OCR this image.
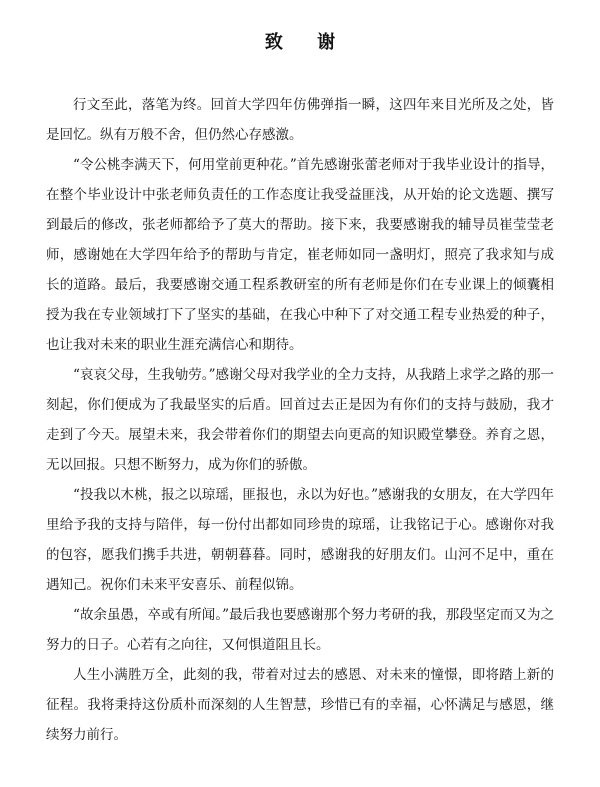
致 谢

行文至此，落笔为终。回首大学四年仿佛弹指一瞬，这四年来目光所及之处，皆是回忆。纵有万般不舍，但仍然心存感激。

“令公桃李满天下，何用堂前更种花。”首先感谢张蕾老师对于我毕业设计的指导，在整个毕业设计中张老师负责任的工作态度让我受益匪浅，从开始的论文选题、撰写到最后的修改，张老师都给予了莫大的帮助。接下来，我要感谢我的辅导员崔莹莹老师，感谢她在大学四年给予的帮助与肯定，崔老师如同一盏明灯，照亮了我求知与成长的道路。最后，我要感谢交通工程系教研室的所有老师是你们在专业课上的倾囊相授为我在专业领域打下了坚实的基础，在我心中种下了对交通工程专业热爱的种子，也让我对未来的职业生涯充满信心和期待。

“哀哀父母，生我劬劳。”感谢父母对我学业的全力支持，从我踏上求学之路的那一刻起，你们便成为了我最坚实的后盾。回首过去正是因为有你们的支持与鼓励，我才走到了今天。展望未来，我会带着你们的期望去向更高的知识殿堂攀登。养育之恩，无以回报。只想不断努力，成为你们的骄傲。

“投我以木桃，报之以琼瑶，匪报也，永以为好也。”感谢我的女朋友，在大学四年里给予我的支持与陪伴，每一份付出都如同珍贵的琼瑶，让我铭记于心。感谢你对我的包容，愿我们携手共进，朝朝暮暮。同时，感谢我的好朋友们。山河不足中，重在遇知己。祝你们未来平安喜乐、前程似锦。

“故余虽愚，卒或有所闻。”最后我也要感谢那个努力考研的我，那段坚定而又为之努力的日子。心若有之向往，又何惧道阻且长。

人生小满胜万全，此刻的我，带着对过去的感恩、对未来的憧憬，即将踏上新的征程。我将秉持这份质朴而深刻的人生智慧，珍惜已有的幸福，心怀满足与感恩，继续努力前行。
